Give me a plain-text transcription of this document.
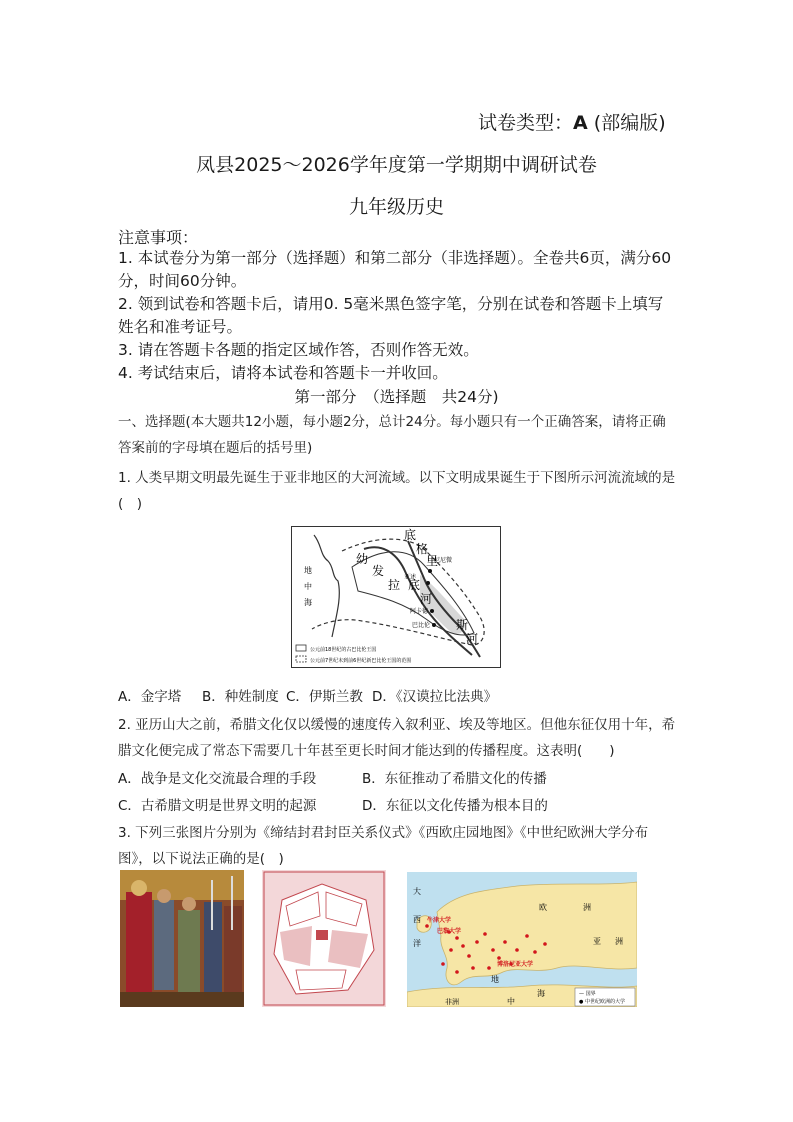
试卷类型：A (部编版)
凤县2025～2026学年度第一学期期中调研试卷
九年级历史
注意事项：
1. 本试卷分为第一部分（选择题）和第二部分（非选择题）。全卷共6页，满分60分，时间60分钟。
2. 领到试卷和答题卡后，请用0. 5毫米黑色签字笔，分别在试卷和答题卡上填写姓名和准考证号。
3. 请在答题卡各题的指定区域作答，否则作答无效。
4. 考试结束后，请将本试卷和答题卡一并收回。
第一部分　（选择题　共24分)
一、选择题(本大题共12小题，每小题2分，总计24分。每小题只有一个正确答案，请将正确答案前的字母填在题后的括号里)
1. 人类早期文明最先诞生于亚非地区的大河流域。以下文明成果诞生于下图所示河流流域的是(　)
地
中
海
幼
发
拉 底
底
格
里
斯
河
河
尼尼微
亚述
阿卡德
巴比伦
公元前18世纪的古巴比伦王国
公元前7世纪末到前6世纪新巴比伦王国的范围
A．金字塔 B．种姓制度 C．伊斯兰教 D．《汉谟拉比法典》
2. 亚历山大之前，希腊文化仅以缓慢的速度传入叙利亚、埃及等地区。但他东征仅用十年，希腊文化便完成了常态下需要几十年甚至更长时间才能达到的传播程度。这表明(　　)
A．战争是文化交流最合理的手段	B．东征推动了希腊文化的传播
C．古希腊文明是世界文明的起源	D．东征以文化传播为根本目的
3. 下列三张图片分别为《缔结封君封臣关系仪式》《西欧庄园地图》《中世纪欧洲大学分布图》，以下说法正确的是(　)
大
西
洋
欧	洲
亚 洲
非洲
地
中
海
牛津大学
巴黎大学
博洛尼亚大学
— 国界
● 中世纪欧洲的大学
